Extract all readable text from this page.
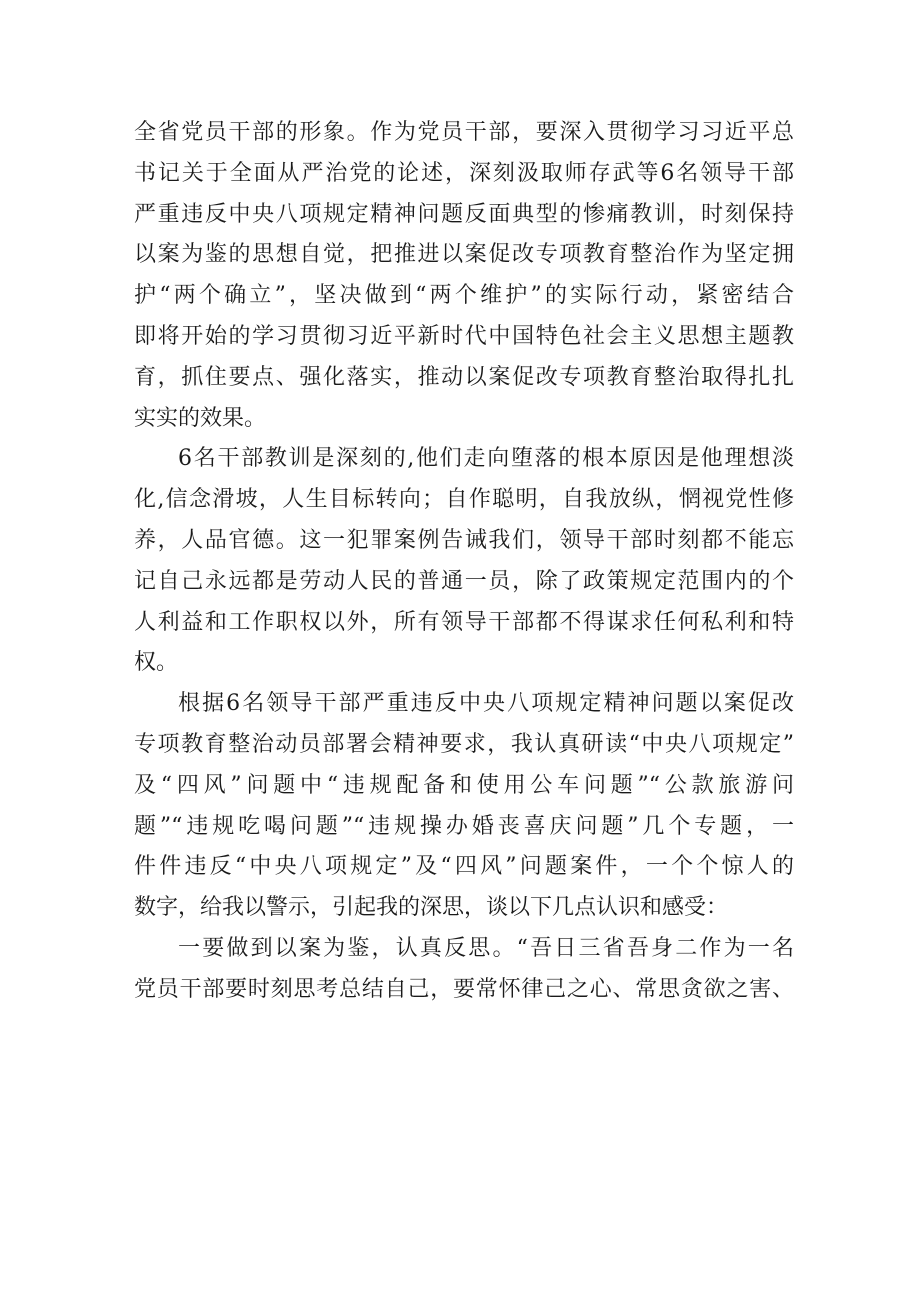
全省党员干部的形象。作为党员干部，要深入贯彻学习习近平总
书记关于全面从严治党的论述，深刻汲取师存武等6名领导干部
严重违反中央八项规定精神问题反面典型的惨痛教训，时刻保持
以案为鉴的思想自觉，把推进以案促改专项教育整治作为坚定拥
护“两个确立”，坚决做到“两个维护”的实际行动，紧密结合
即将开始的学习贯彻习近平新时代中国特色社会主义思想主题教
育，抓住要点、强化落实，推动以案促改专项教育整治取得扎扎
实实的效果。
6名干部教训是深刻的,他们走向堕落的根本原因是他理想淡
化,信念滑坡，人生目标转向；自作聪明，自我放纵，惘视党性修
养，人品官德。这一犯罪案例告诫我们，领导干部时刻都不能忘
记自己永远都是劳动人民的普通一员，除了政策规定范围内的个
人利益和工作职权以外，所有领导干部都不得谋求任何私利和特
权。
根据6名领导干部严重违反中央八项规定精神问题以案促改
专项教育整治动员部署会精神要求，我认真研读“中央八项规定”
及“四风”问题中“违规配备和使用公车问题”“公款旅游问
题”“违规吃喝问题”“违规操办婚丧喜庆问题”几个专题，一
件件违反“中央八项规定”及“四风”问题案件，一个个惊人的
数字，给我以警示，引起我的深思，谈以下几点认识和感受：
一要做到以案为鉴，认真反思。“吾日三省吾身二作为一名
党员干部要时刻思考总结自己，要常怀律己之心、常思贪欲之害、
